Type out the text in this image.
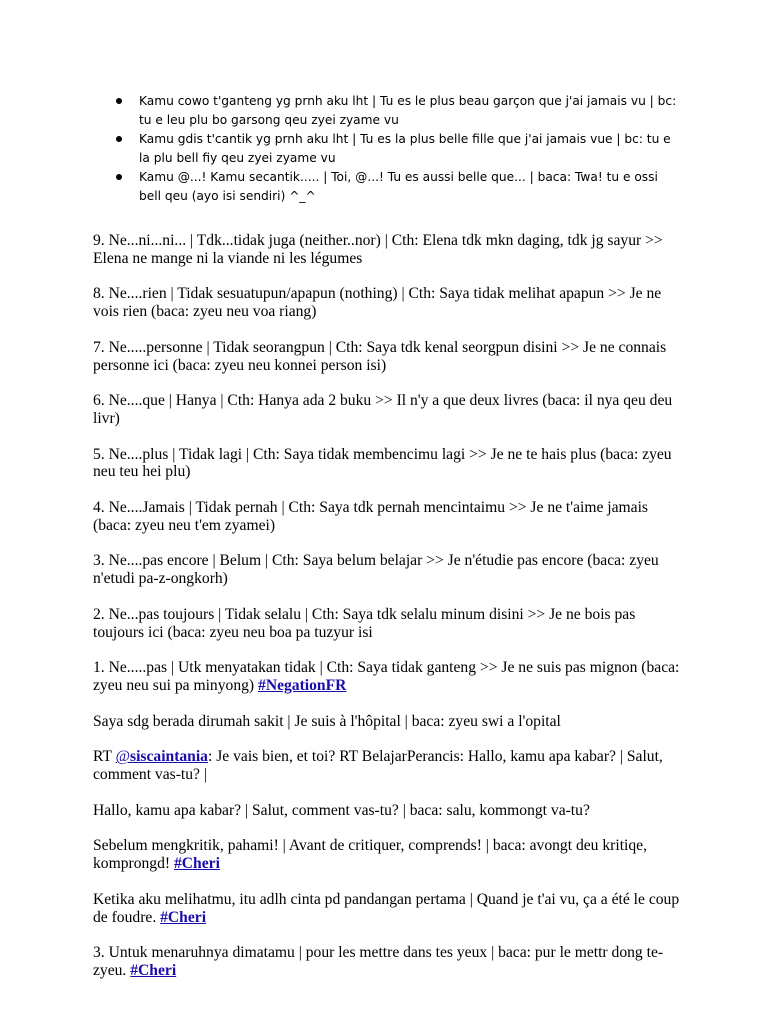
Kamu cowo t'ganteng yg prnh aku lht | Tu es le plus beau garçon que j'ai jamais vu | bc: tu e leu plu bo garsong qeu zyei zyame vu
Kamu gdis t'cantik yg prnh aku lht | Tu es la plus belle fille que j'ai jamais vue | bc: tu e la plu bell fiy qeu zyei zyame vu
Kamu @...! Kamu secantik..... | Toi, @...! Tu es aussi belle que... | baca: Twa! tu e ossi bell qeu (ayo isi sendiri) ^_^

9. Ne...ni...ni... | Tdk...tidak juga (neither..nor) | Cth: Elena tdk mkn daging, tdk jg sayur >> Elena ne mange ni la viande ni les légumes

8. Ne....rien | Tidak sesuatupun/apapun (nothing) | Cth: Saya tidak melihat apapun >> Je ne vois rien (baca: zyeu neu voa riang)

7. Ne.....personne | Tidak seorangpun | Cth: Saya tdk kenal seorgpun disini >> Je ne connais personne ici (baca: zyeu neu konnei person isi)

6. Ne....que | Hanya | Cth: Hanya ada 2 buku >> Il n'y a que deux livres (baca: il nya qeu deu livr)

5. Ne....plus | Tidak lagi | Cth: Saya tidak membencimu lagi >> Je ne te hais plus (baca: zyeu neu teu hei plu)

4. Ne....Jamais | Tidak pernah | Cth: Saya tdk pernah mencintaimu >> Je ne t'aime jamais (baca: zyeu neu t'em zyamei)

3. Ne....pas encore | Belum | Cth: Saya belum belajar >> Je n'étudie pas encore (baca: zyeu n'etudi pa-z-ongkorh)

2. Ne...pas toujours | Tidak selalu | Cth: Saya tdk selalu minum disini >> Je ne bois pas toujours ici (baca: zyeu neu boa pa tuzyur isi

1. Ne.....pas | Utk menyatakan tidak | Cth: Saya tidak ganteng >> Je ne suis pas mignon (baca: zyeu neu sui pa minyong) #NegationFR

Saya sdg berada dirumah sakit | Je suis à l'hôpital | baca: zyeu swi a l'opital

RT @siscaintania: Je vais bien, et toi? RT BelajarPerancis: Hallo, kamu apa kabar? | Salut, comment vas-tu? |

Hallo, kamu apa kabar? | Salut, comment vas-tu? | baca: salu, kommongt va-tu?

Sebelum mengkritik, pahami! | Avant de critiquer, comprends! | baca: avongt deu kritiqe, komprongd! #Cheri

Ketika aku melihatmu, itu adlh cinta pd pandangan pertama | Quand je t'ai vu, ça a été le coup de foudre. #Cheri

3. Untuk menaruhnya dimatamu | pour les mettre dans tes yeux | baca: pur le mettr dong te-zyeu. #Cheri
